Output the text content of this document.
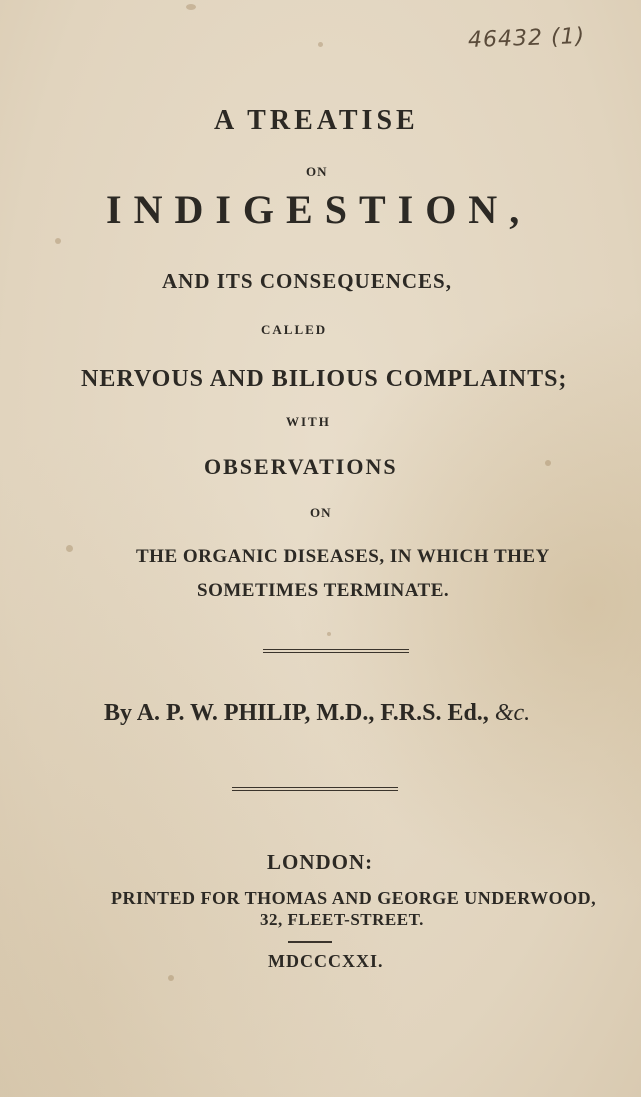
46432 (1)
A TREATISE
ON
INDIGESTION,
AND ITS CONSEQUENCES,
CALLED
NERVOUS AND BILIOUS COMPLAINTS;
WITH
OBSERVATIONS
ON
THE ORGANIC DISEASES, IN WHICH THEY
SOMETIMES TERMINATE.
By A. P. W. PHILIP, M.D., F.R.S. Ed., &c.
LONDON:
PRINTED FOR THOMAS AND GEORGE UNDERWOOD,
32, FLEET-STREET.
MDCCCXXI.
